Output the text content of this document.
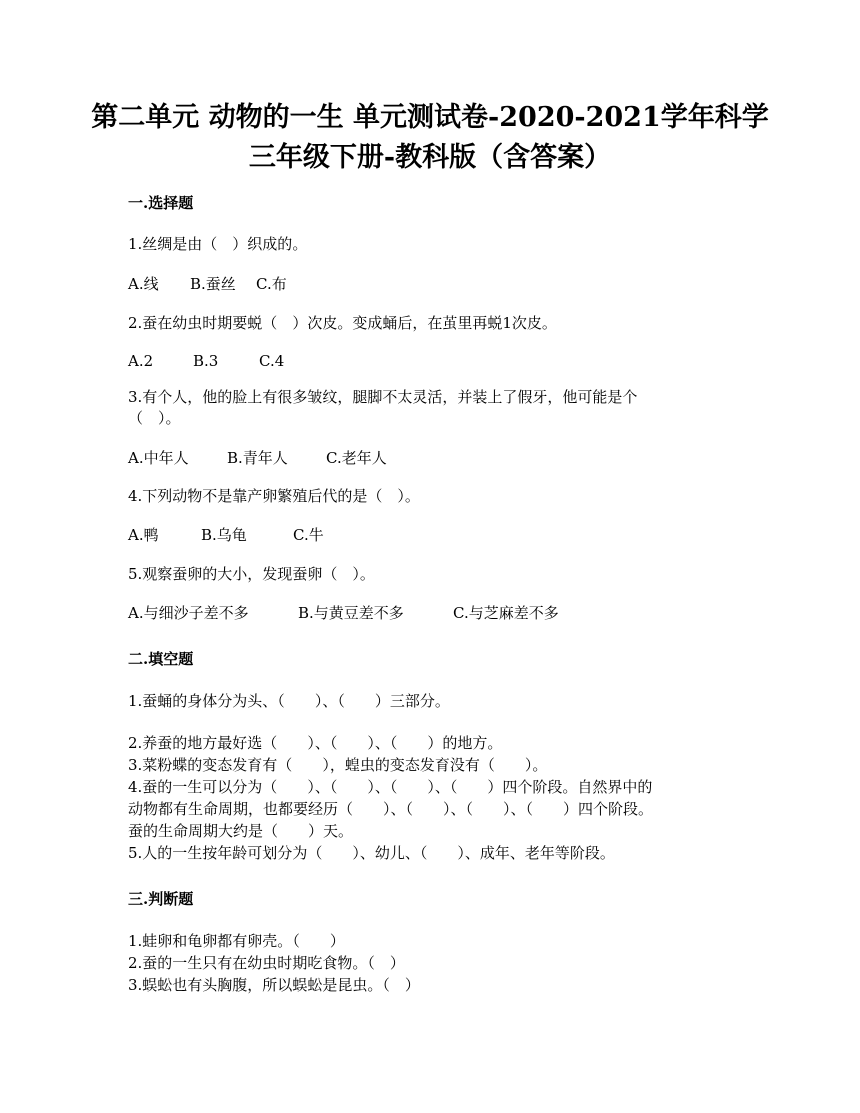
第二单元 动物的一生 单元测试卷-2020-2021学年科学
三年级下册-教科版（含答案）
一.选择题

1.丝绸是由（　）织成的。

A.线 B.蚕丝 C.布

2.蚕在幼虫时期要蜕（　）次皮。变成蛹后，在茧里再蜕1次皮。

A.2	B.3	C.4

3.有个人，他的脸上有很多皱纹，腿脚不太灵活，并装上了假牙，他可能是个

（　）。

A.中年人	B.青年人	C.老年人

4.下列动物不是靠产卵繁殖后代的是（　）。

A.鸭	B.乌龟	C.牛

5.观察蚕卵的大小，发现蚕卵（　）。

A.与细沙子差不多	B.与黄豆差不多	C.与芝麻差不多

二.填空题

1.蚕蛹的身体分为头、（　　）、（　　）三部分。

2.养蚕的地方最好选（　　）、（　　）、（　　）的地方。

3.菜粉蝶的变态发育有（　　），蝗虫的变态发育没有（　　）。

4.蚕的一生可以分为（　　）、（　　）、（　　）、（　　）四个阶段。自然界中的

动物都有生命周期，也都要经历（　　）、（　　）、（　　）、（　　）四个阶段。

蚕的生命周期大约是（　　）天。

5.人的一生按年龄可划分为（　　）、幼儿、（　　）、成年、老年等阶段。

三.判断题

1.蛙卵和龟卵都有卵壳。（　　）

2.蚕的一生只有在幼虫时期吃食物。（　）

3.蜈蚣也有头胸腹，所以蜈蚣是昆虫。（　）
